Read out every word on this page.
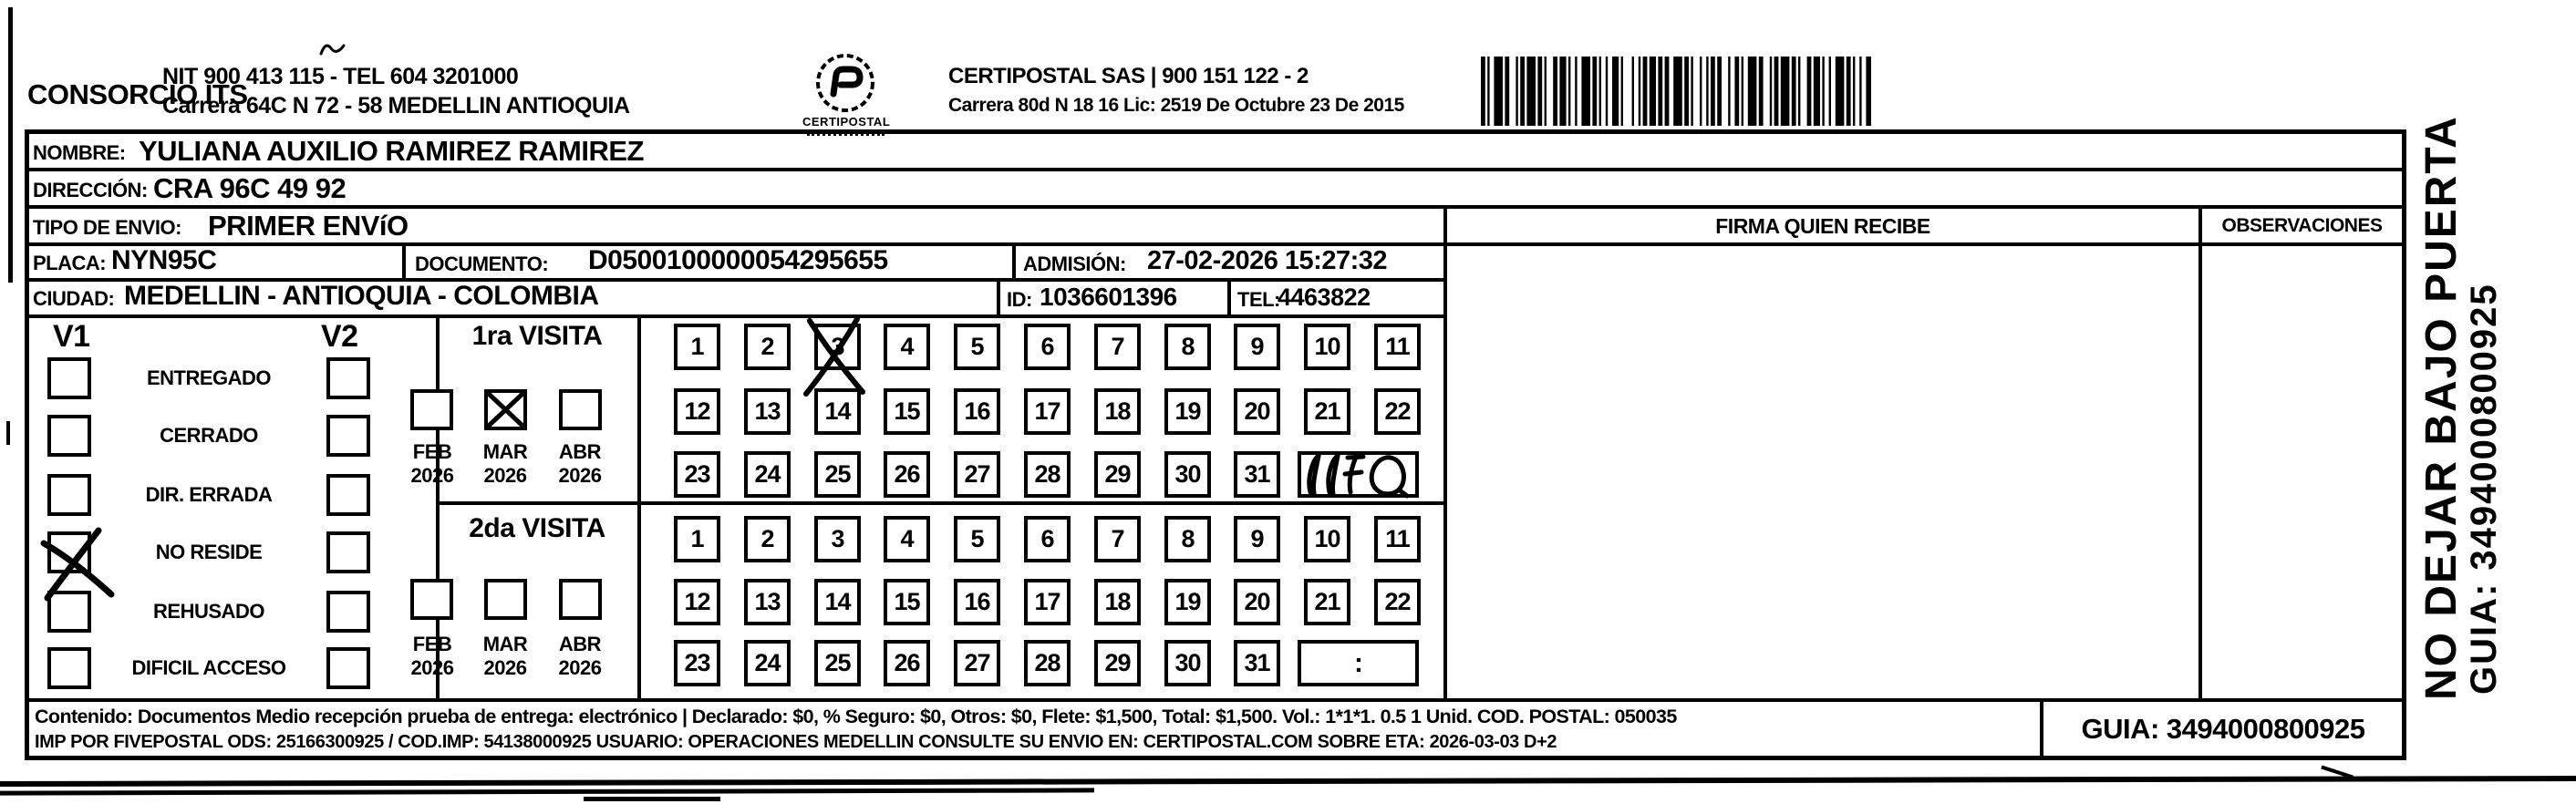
CONSORCIO ITS
NIT 900 413 115 - TEL 604 3201000
Carrera 64C N 72 - 58 MEDELLIN ANTIOQUIA
CERTIPOSTAL
CERTIPOSTAL SAS | 900 151 122 - 2
Carrera 80d N 18 16 Lic: 2519 De Octubre 23 De 2015
NOMBRE: YULIANA AUXILIO RAMIREZ RAMIREZ
DIRECCIÓN: CRA 96C 49 92
TIPO DE ENVIO: PRIMER ENVíO
PLACA: NYN95C	DOCUMENTO: D0500100000054295655	ADMISIÓN: 27-02-2026 15:27:32
CIUDAD: MEDELLIN - ANTIOQUIA - COLOMBIA	ID: 1036601396	TEL:
4463822
FIRMA QUIEN RECIBE	OBSERVACIONES
V1	V2
ENTREGADO
CERRADO
DIR. ERRADA
NO RESIDE
REHUSADO
DIFICIL ACCESO
1ra VISITA
2da VISITA
FEB
2026
MAR
2026
ABR
2026
FEB
2026
MAR
2026
ABR
2026
1	2	3	4	5	6	7	8	9	10	11
12	13	14	15	16	17	18	19	20	21	22
23	24	25	26	27	28	29	30	31
1	2	3	4	5	6	7	8	9	10	11
12	13	14	15	16	17	18	19	20	21	22
23	24	25	26	27	28	29	30	31	:
Contenido: Documentos Medio recepción prueba de entrega: electrónico | Declarado: $0, % Seguro: $0, Otros: $0, Flete: $1,500, Total: $1,500. Vol.: 1*1*1. 0.5 1 Unid. COD. POSTAL: 050035
IMP POR FIVEPOSTAL ODS: 25166300925 / COD.IMP: 54138000925 USUARIO: OPERACIONES MEDELLIN CONSULTE SU ENVIO EN: CERTIPOSTAL.COM SOBRE ETA: 2026-03-03 D+2	GUIA: 3494000800925
NO DEJAR BAJO PUERTA
GUIA: 3494000800925
